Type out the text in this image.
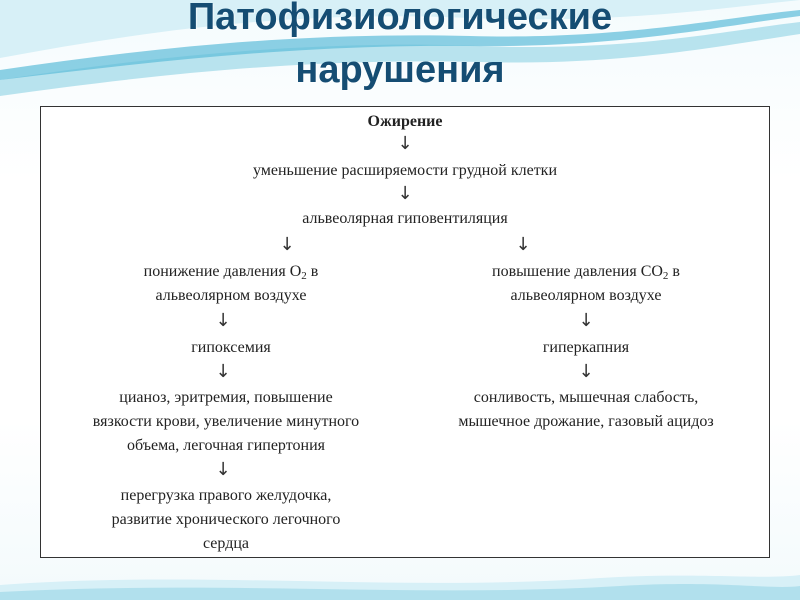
Патофизиологические
нарушения
Ожирение
↓
уменьшение расширяемости грудной клетки
↓
альвеолярная гиповентиляция
↓	↓
понижение давления $O_2$ в
альвеолярном воздухе
↓
гипоксемия
↓
цианоз, эритремия, повышение
вязкости крови, увеличение минутного
объема, легочная гипертония
↓
перегрузка правого желудочка,
развитие хронического легочного
сердца
повышение давления $CO_2$ в
альвеолярном воздухе
↓
гиперкапния
↓
сонливость, мышечная слабость,
мышечное дрожание, газовый ацидоз
